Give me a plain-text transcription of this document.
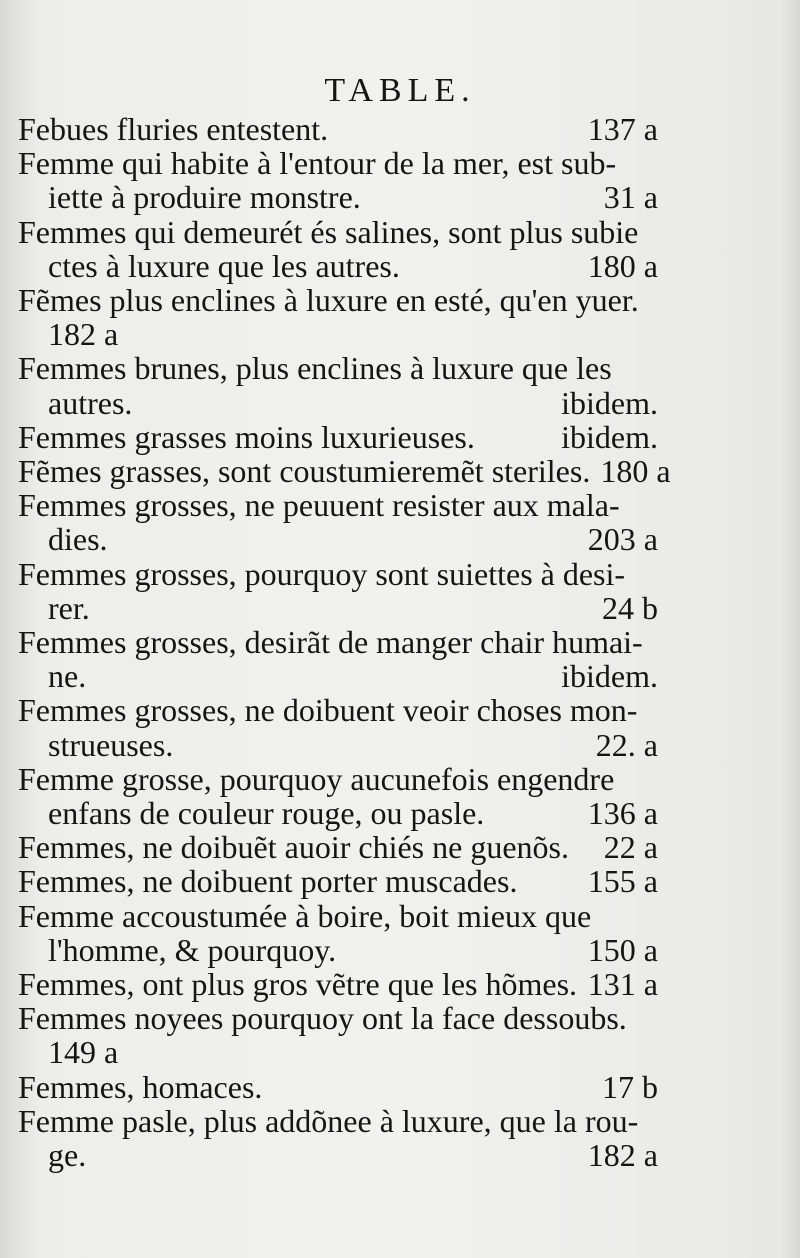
TABLE.
Febues fluries entestent.	137 a
Femme qui habite à l'entour de la mer, est sub-
iette à produire monstre.	31 a
Femmes qui demeurét és salines, sont plus subie
ctes à luxure que les autres.	180 a
Fẽmes plus enclines à luxure en esté, qu'en yuer.
182 a
Femmes brunes, plus enclines à luxure que les
autres.	ibidem.
Femmes grasses moins luxurieuses.	ibidem.
Fẽmes grasses, sont coustumieremẽt steriles. 180 a
Femmes grosses, ne peuuent resister aux mala-
dies.	203 a
Femmes grosses, pourquoy sont suiettes à desi-
rer.	24 b
Femmes grosses, desirãt de manger chair humai-
ne.	ibidem.
Femmes grosses, ne doibuent veoir choses mon-
strueuses.	22. a
Femme grosse, pourquoy aucunefois engendre
enfans de couleur rouge, ou pasle.	136 a
Femmes, ne doibuẽt auoir chiés ne guenõs.	22 a
Femmes, ne doibuent porter muscades.	155 a
Femme accoustumée à boire, boit mieux que
l'homme, & pourquoy.	150 a
Femmes, ont plus gros vẽtre que les hõmes. 131 a
Femmes noyees pourquoy ont la face dessoubs.
149 a
Femmes, homaces.	17 b
Femme pasle, plus addõnee à luxure, que la rou-
ge.	182 a
